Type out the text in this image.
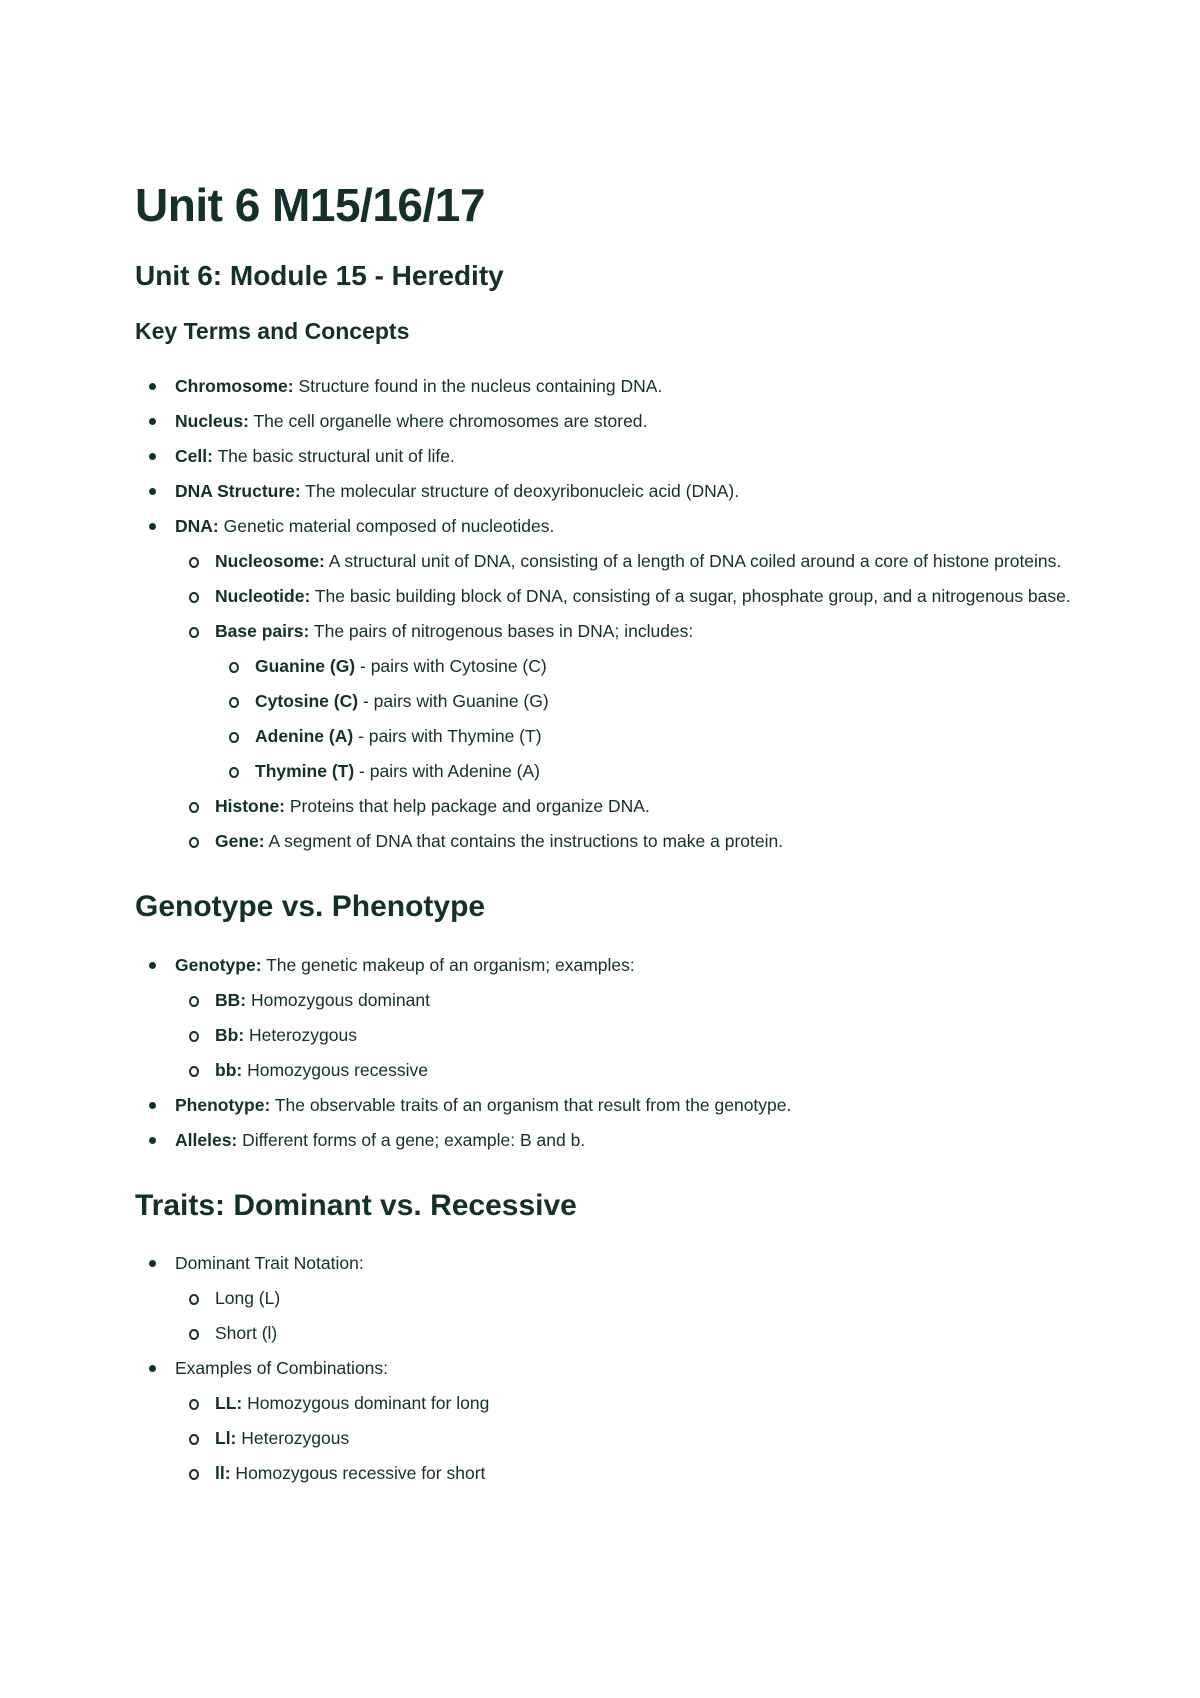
Unit 6 M15/16/17
Unit 6: Module 15 - Heredity
Key Terms and Concepts
Chromosome: Structure found in the nucleus containing DNA.
Nucleus: The cell organelle where chromosomes are stored.
Cell: The basic structural unit of life.
DNA Structure: The molecular structure of deoxyribonucleic acid (DNA).
DNA: Genetic material composed of nucleotides.
Nucleosome: A structural unit of DNA, consisting of a length of DNA coiled around a core of histone proteins.
Nucleotide: The basic building block of DNA, consisting of a sugar, phosphate group, and a nitrogenous base.
Base pairs: The pairs of nitrogenous bases in DNA; includes:
Guanine (G) - pairs with Cytosine (C)
Cytosine (C) - pairs with Guanine (G)
Adenine (A) - pairs with Thymine (T)
Thymine (T) - pairs with Adenine (A)
Histone: Proteins that help package and organize DNA.
Gene: A segment of DNA that contains the instructions to make a protein.
Genotype vs. Phenotype
Genotype: The genetic makeup of an organism; examples:
BB: Homozygous dominant
Bb: Heterozygous
bb: Homozygous recessive
Phenotype: The observable traits of an organism that result from the genotype.
Alleles: Different forms of a gene; example: B and b.
Traits: Dominant vs. Recessive
Dominant Trait Notation:
Long (L)
Short (l)
Examples of Combinations:
LL: Homozygous dominant for long
Ll: Heterozygous
ll: Homozygous recessive for short
